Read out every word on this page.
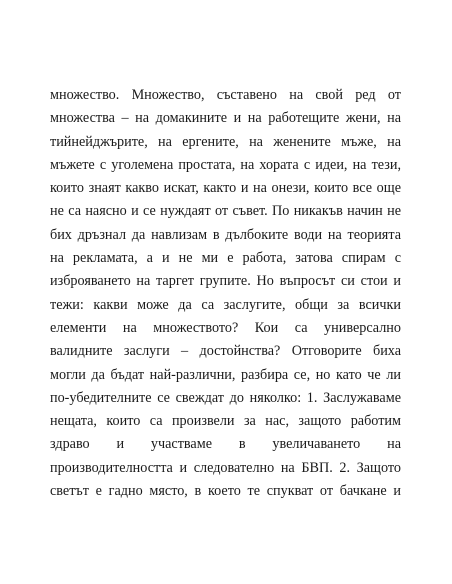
множество. Множество, съставено на свой ред от
множества – на домакините и на работещите жени, на
тийнейджърите, на ергените, на женените мъже, на
мъжете с уголемена простата, на хората с идеи, на тези,
които знаят какво искат, както и на онези, които все още
не са наясно и се нуждаят от съвет. По никакъв начин не
бих дръзнал да навлизам в дълбоките води на теорията
на рекламата, а и не ми е работа, затова спирам с
изброяването на таргет групите. Но въпросът си стои и
тежи: какви може да са заслугите, общи за всички
елементи на множеството? Кои са универсално
валидните заслуги – достойнства? Отговорите биха
могли да бъдат най-различни, разбира се, но като че ли
по-убедителните се свеждат до няколко: 1. Заслужаваме
нещата, които са произвели за нас, защото работим
здраво и участваме в увеличаването на
производителността и следователно на БВП. 2. Защото
светът е гадно място, в което те спукват от бачкане и
